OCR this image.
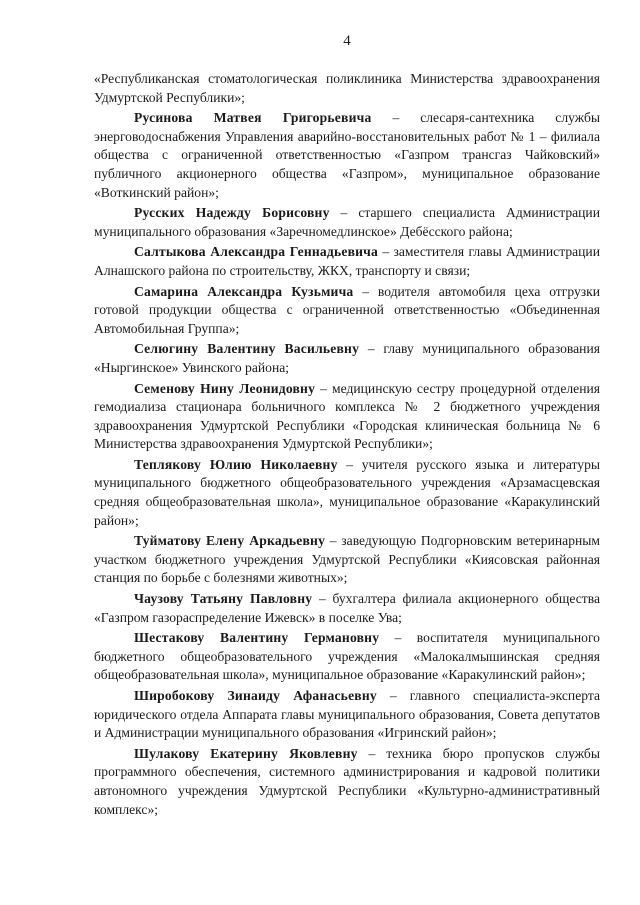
4

«Республиканская стоматологическая поликлиника Министерства здравоохранения Удмуртской Республики»;

Русинова Матвея Григорьевича – слесаря-сантехника службы энерговодоснабжения Управления аварийно-восстановительных работ № 1 – филиала общества с ограниченной ответственностью «Газпром трансгаз Чайковский» публичного акционерного общества «Газпром», муниципальное образование «Воткинский район»;

Русских Надежду Борисовну – старшего специалиста Администрации муниципального образования «Заречномедлинское» Дебёсского района;

Салтыкова Александра Геннадьевича – заместителя главы Администрации Алнашского района по строительству, ЖКХ, транспорту и связи;

Самарина Александра Кузьмича – водителя автомобиля цеха отгрузки готовой продукции общества с ограниченной ответственностью «Объединенная Автомобильная Группа»;

Селюгину Валентину Васильевну – главу муниципального образования «Ныргинское» Увинского района;

Семенову Нину Леонидовну – медицинскую сестру процедурной отделения гемодиализа стационара больничного комплекса № 2 бюджетного учреждения здравоохранения Удмуртской Республики «Городская клиническая больница № 6 Министерства здравоохранения Удмуртской Республики»;

Теплякову Юлию Николаевну – учителя русского языка и литературы муниципального бюджетного общеобразовательного учреждения «Арзамасцевская средняя общеобразовательная школа», муниципальное образование «Каракулинский район»;

Туйматову Елену Аркадьевну – заведующую Подгорновским ветеринарным участком бюджетного учреждения Удмуртской Республики «Киясовская районная станция по борьбе с болезнями животных»;

Чаузову Татьяну Павловну – бухгалтера филиала акционерного общества «Газпром газораспределение Ижевск» в поселке Ува;

Шестакову Валентину Германовну – воспитателя муниципального бюджетного общеобразовательного учреждения «Малокалмышинская средняя общеобразовательная школа», муниципальное образование «Каракулинский район»;

Широбокову Зинаиду Афанасьевну – главного специалиста-эксперта юридического отдела Аппарата главы муниципального образования, Совета депутатов и Администрации муниципального образования «Игринский район»;

Шулакову Екатерину Яковлевну – техника бюро пропусков службы программного обеспечения, системного администрирования и кадровой политики автономного учреждения Удмуртской Республики «Культурно-административный комплекс»;
